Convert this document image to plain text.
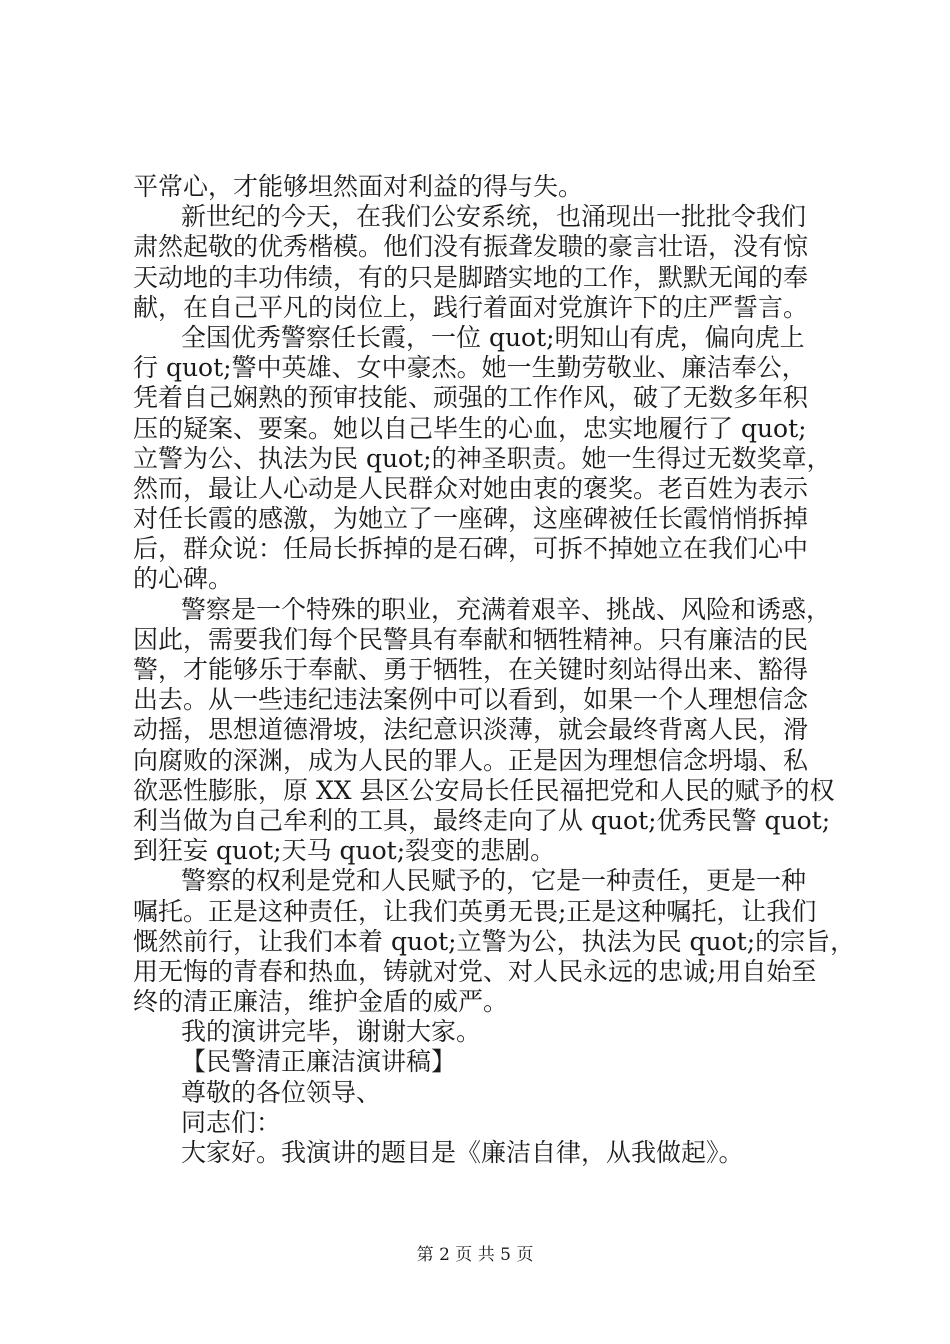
平常心，才能够坦然面对利益的得与失。
新世纪的今天，在我们公安系统，也涌现出一批批令我们
肃然起敬的优秀楷模。他们没有振聋发聩的豪言壮语，没有惊
天动地的丰功伟绩，有的只是脚踏实地的工作，默默无闻的奉
献，在自己平凡的岗位上，践行着面对党旗许下的庄严誓言。
全国优秀警察任长霞，一位 quot;明知山有虎，偏向虎上
行 quot;警中英雄、女中豪杰。她一生勤劳敬业、廉洁奉公，
凭着自己娴熟的预审技能、顽强的工作作风，破了无数多年积
压的疑案、要案。她以自己毕生的心血，忠实地履行了 quot;
立警为公、执法为民 quot;的神圣职责。她一生得过无数奖章，
然而，最让人心动是人民群众对她由衷的褒奖。老百姓为表示
对任长霞的感激，为她立了一座碑，这座碑被任长霞悄悄拆掉
后，群众说：任局长拆掉的是石碑，可拆不掉她立在我们心中
的心碑。
警察是一个特殊的职业，充满着艰辛、挑战、风险和诱惑，
因此，需要我们每个民警具有奉献和牺牲精神。只有廉洁的民
警，才能够乐于奉献、勇于牺牲，在关键时刻站得出来、豁得
出去。从一些违纪违法案例中可以看到，如果一个人理想信念
动摇，思想道德滑坡，法纪意识淡薄，就会最终背离人民，滑
向腐败的深渊，成为人民的罪人。正是因为理想信念坍塌、私
欲恶性膨胀，原 XX 县区公安局长任民福把党和人民的赋予的权
利当做为自己牟利的工具，最终走向了从 quot;优秀民警 quot;
到狂妄 quot;天马 quot;裂变的悲剧。
警察的权利是党和人民赋予的，它是一种责任，更是一种
嘱托。正是这种责任，让我们英勇无畏;正是这种嘱托，让我们
慨然前行，让我们本着 quot;立警为公，执法为民 quot;的宗旨，
用无悔的青春和热血，铸就对党、对人民永远的忠诚;用自始至
终的清正廉洁，维护金盾的威严。
我的演讲完毕，谢谢大家。
【民警清正廉洁演讲稿】
尊敬的各位领导、
同志们：
大家好。我演讲的题目是《廉洁自律，从我做起》。
第 2 页 共 5 页
